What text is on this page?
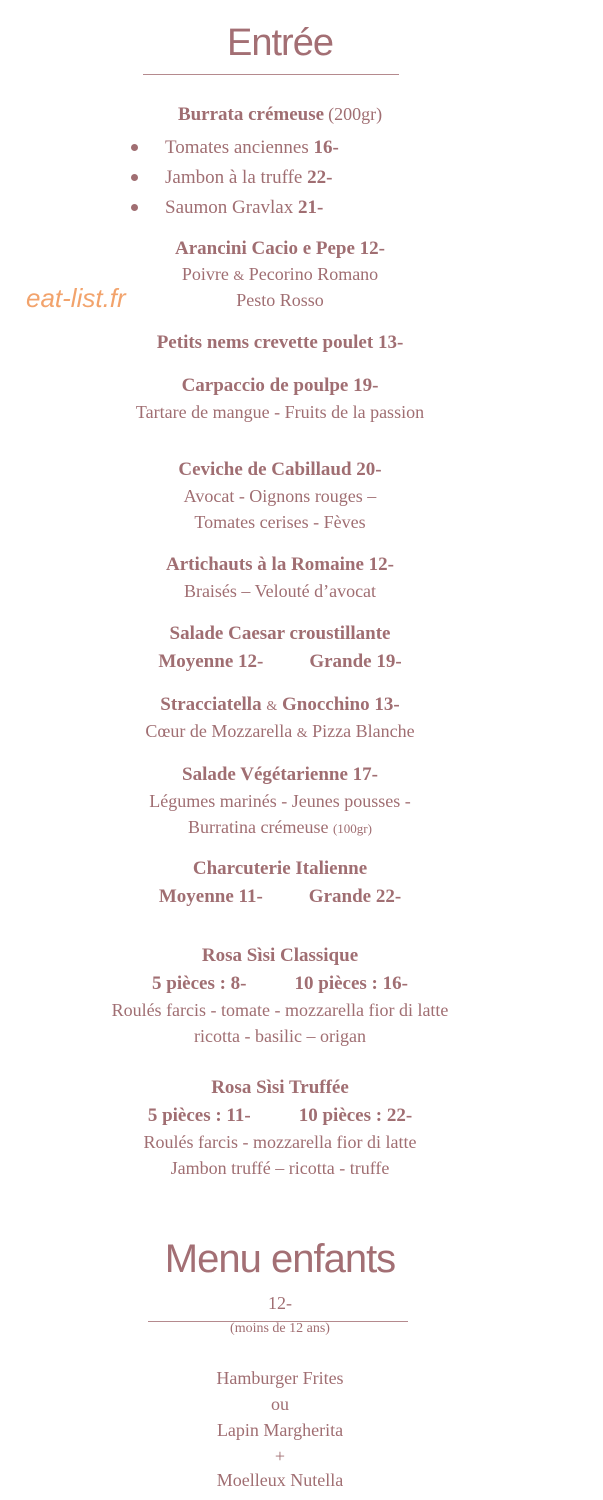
Entrée
Burrata crémeuse (200gr)
Tomates anciennes 16-
Jambon à la truffe 22-
Saumon Gravlax 21-
Arancini Cacio e Pepe 12-
Poivre & Pecorino Romano
Pesto Rosso
eat-list.fr
Petits nems crevette poulet 13-
Carpaccio de poulpe 19-
Tartare de mangue - Fruits de la passion
Ceviche de Cabillaud 20-
Avocat - Oignons rouges –
Tomates cerises - Fèves
Artichauts à la Romaine 12-
Braisés – Velouté d’avocat
Salade Caesar croustillante
Moyenne 12- Grande 19-
Stracciatella & Gnocchino 13-
Cœur de Mozzarella & Pizza Blanche
Salade Végétarienne 17-
Légumes marinés - Jeunes pousses -
Burratina crémeuse (100gr)
Charcuterie Italienne
Moyenne 11- Grande 22-
Rosa Sìsi Classique
5 pièces : 8-	10 pièces : 16-
Roulés farcis - tomate - mozzarella fior di latte
ricotta - basilic – origan
Rosa Sìsi Truffée
5 pièces : 11-	10 pièces : 22-
Roulés farcis - mozzarella fior di latte
Jambon truffé – ricotta - truffe
Menu enfants
12-
(moins de 12 ans)
Hamburger Frites
ou
Lapin Margherita
+
Moelleux Nutella
